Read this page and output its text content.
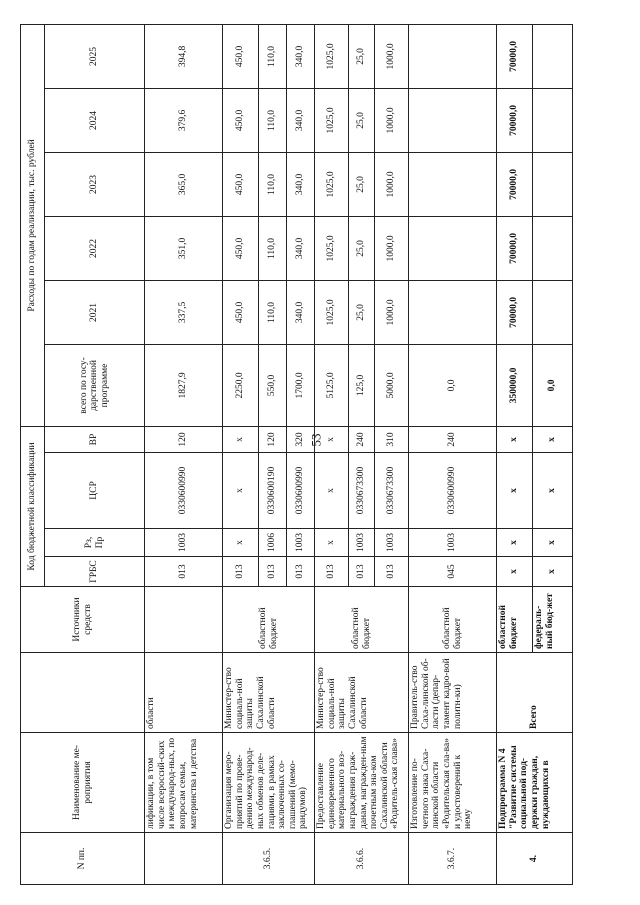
53
N пп.	Наименование ме-роприятия		Источники средств	Код бюджетной классификации				Расходы по годам реализации, тыс. рублей					
				ГРБС	Рз, Пр	ЦСР	ВР	всего по госу-дарственной программе	2021	2022	2023	2024	2025
	лификации, в том числе всероссий-ских и международ-ных, по вопросам семьи, материнства и детства	области		013	1003	0330600990	120	1827,9	337,5	351,0	365,0	379,6	394,8
3.6.5.	Организация меро-приятий по прове-дению международ-ных обменов деле-гациями, в рамках заключенных со-глашений (мемо-рандумов)	Министер-ство социаль-ной защиты Сахалинской области	областной бюджет	013	x	x	x	2250,0	450,0	450,0	450,0	450,0	450,0
				013	1006	0330600190	120	550,0	110,0	110,0	110,0	110,0	110,0
				013	1003	0330600990	320	1700,0	340,0	340,0	340,0	340,0	340,0
3.6.6.	Предоставление единовременного материального воз-награждения граж-данам, награжден-ным почетным зна-ком Сахалинской области «Родитель-ская слава»	Министер-ство социаль-ной защиты Сахалинской области	областной бюджет	013	x	x	x	5125,0	1025,0	1025,0	1025,0	1025,0	1025,0
				013	1003	0330673300	240	125,0	25,0	25,0	25,0	25,0	25,0
				013	1003	0330673300	310	5000,0	1000,0	1000,0	1000,0	1000,0	1000,0
3.6.7.	Изготовление по-четного знака Саха-линской области «Родительская сла-ва» и удостоверений к нему	Правитель-ство Саха-линской об-ласти (депар-тамент кадро-вой политн-ки)	областной бюджет	045	1003	0330600990	240	0,0					
4.	Подпрограмма N 4 "Развитие системы социальной под-держки граждан, нуждающихся в	Всего	областной бюджет	x	x	x	x	350000,0	70000,0	70000,0	70000,0	70000,0	70000,0
			федераль-ный бюд-жет	x	x	x	x	0,0					
